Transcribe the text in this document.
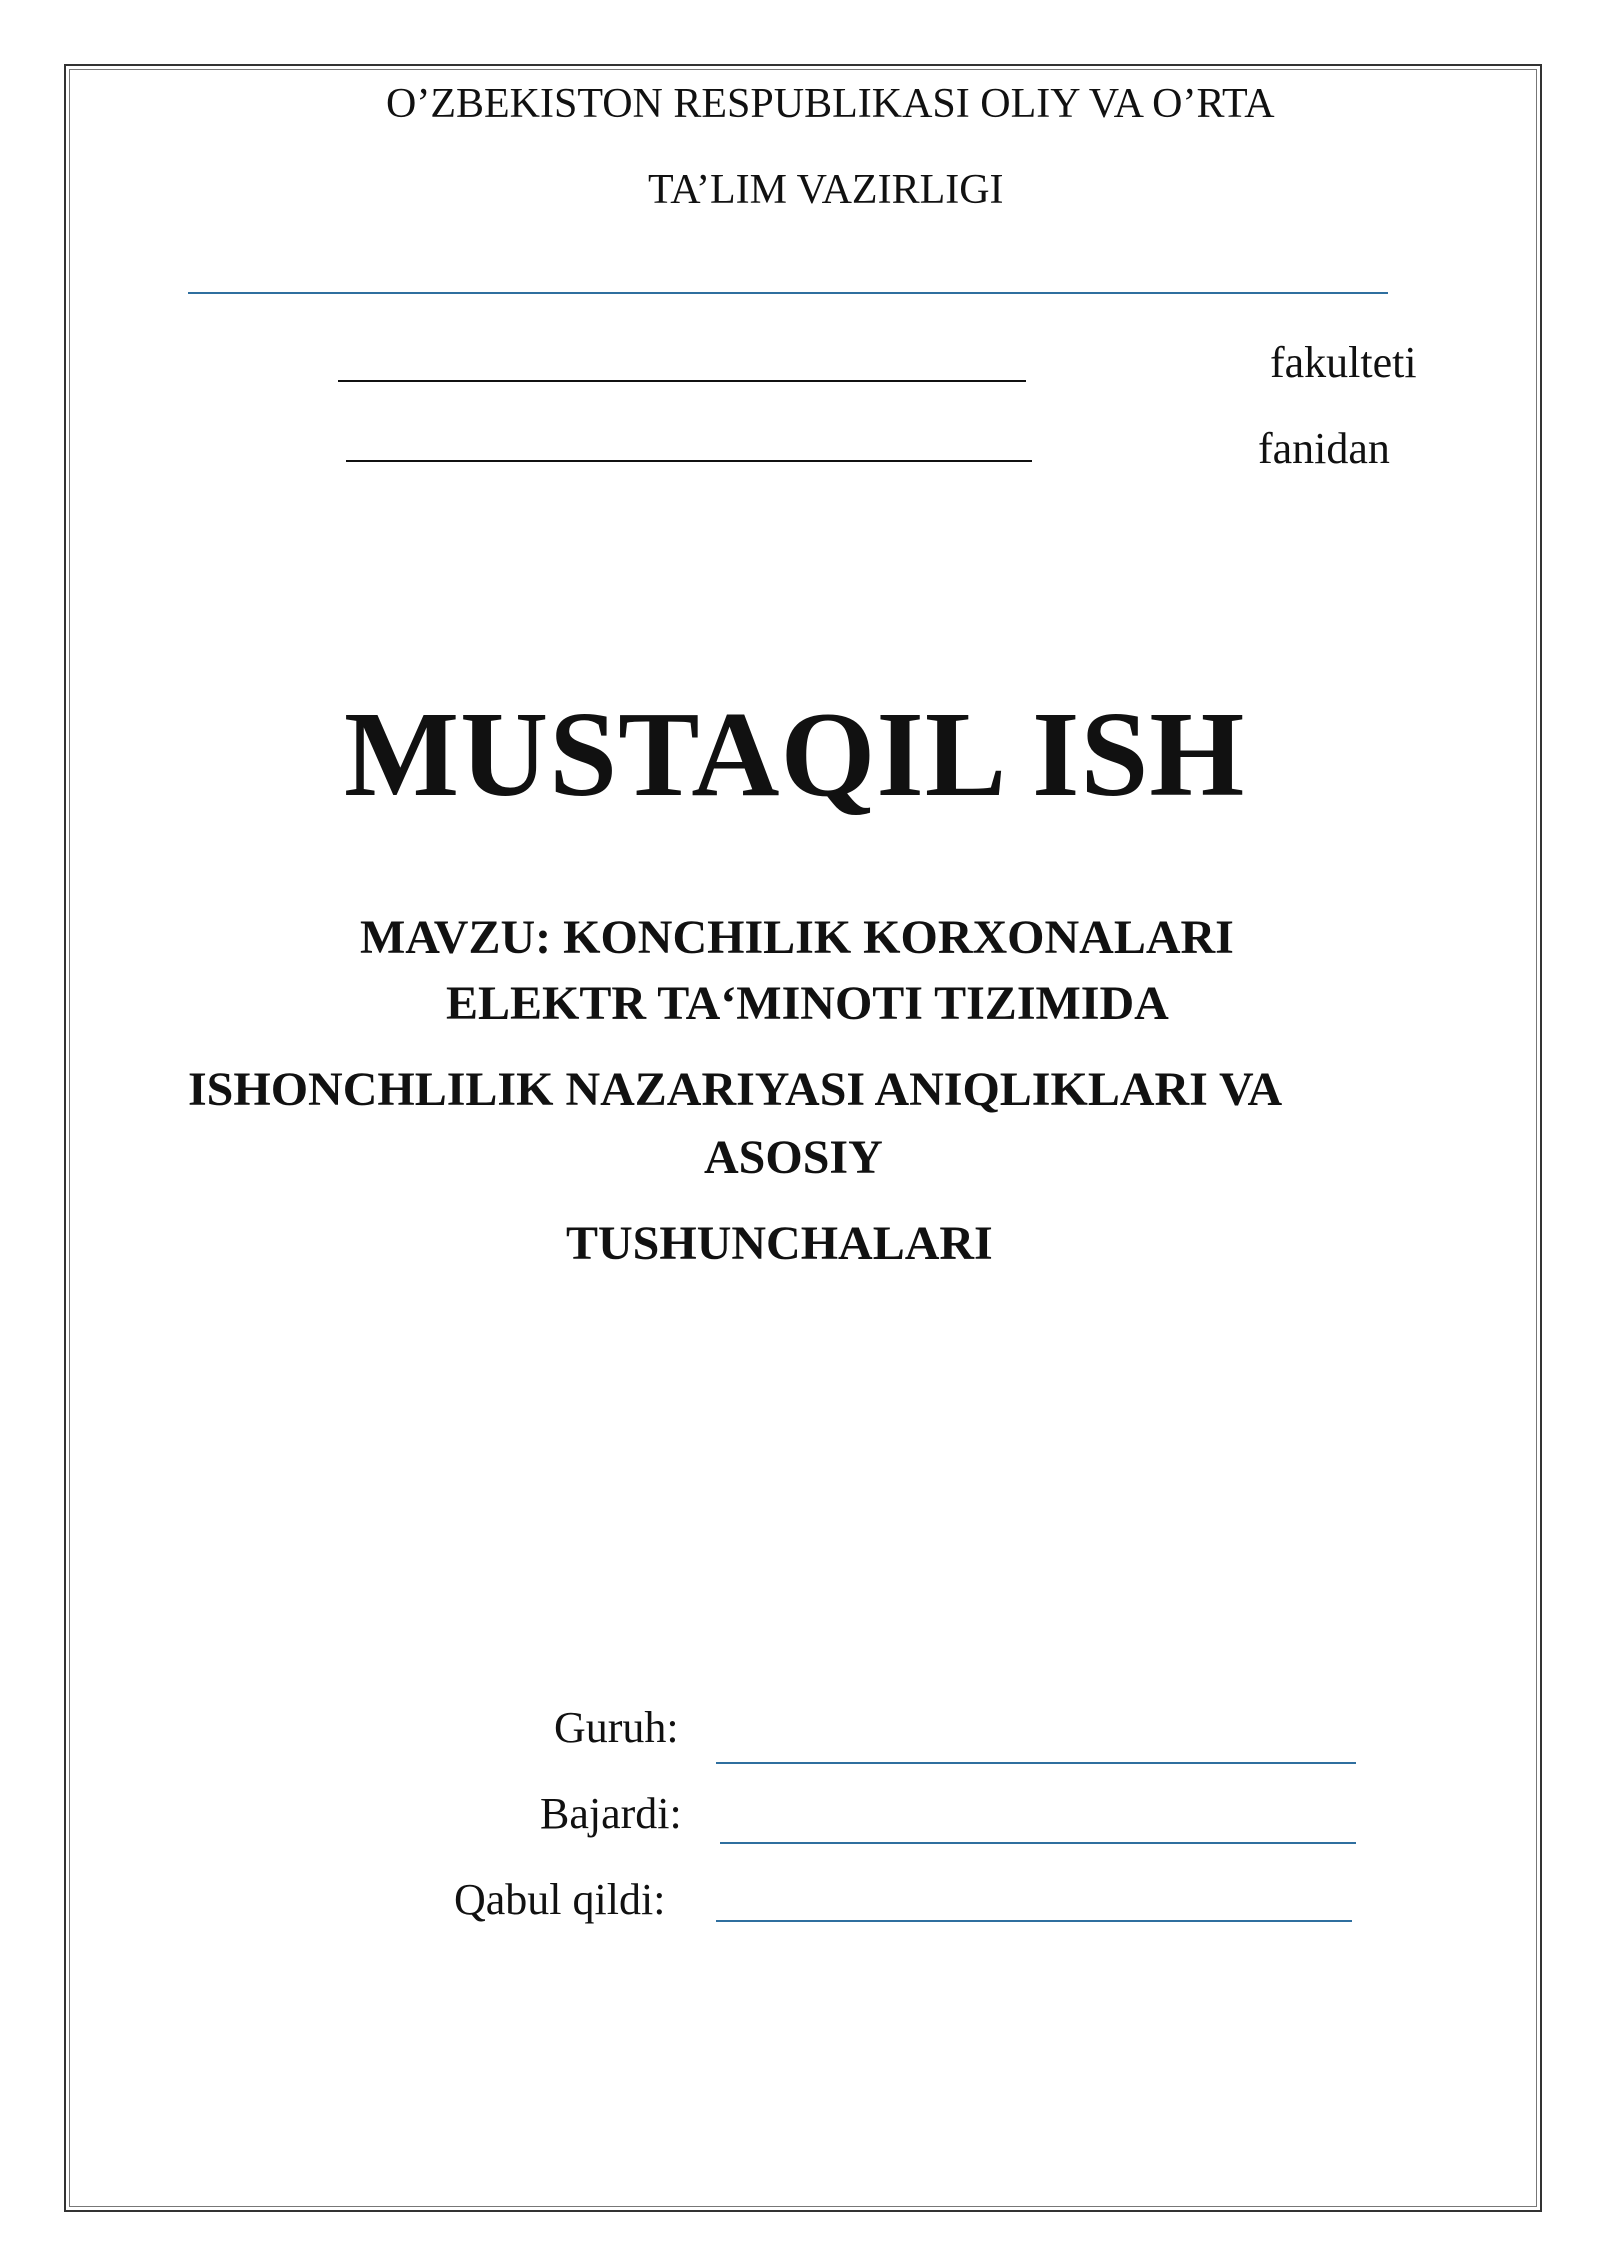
O’ZBEKISTON RESPUBLIKASI OLIY VA O’RTA
TA’LIM VAZIRLIGI
fakulteti
fanidan
MUSTAQIL ISH
MAVZU: KONCHILIK KORXONALARI
ELEKTR TA‘MINOTI TIZIMIDA
ISHONCHLILIK NAZARIYASI ANIQLIKLARI VA
ASOSIY
TUSHUNCHALARI
Guruh:
Bajardi:
Qabul qildi:
